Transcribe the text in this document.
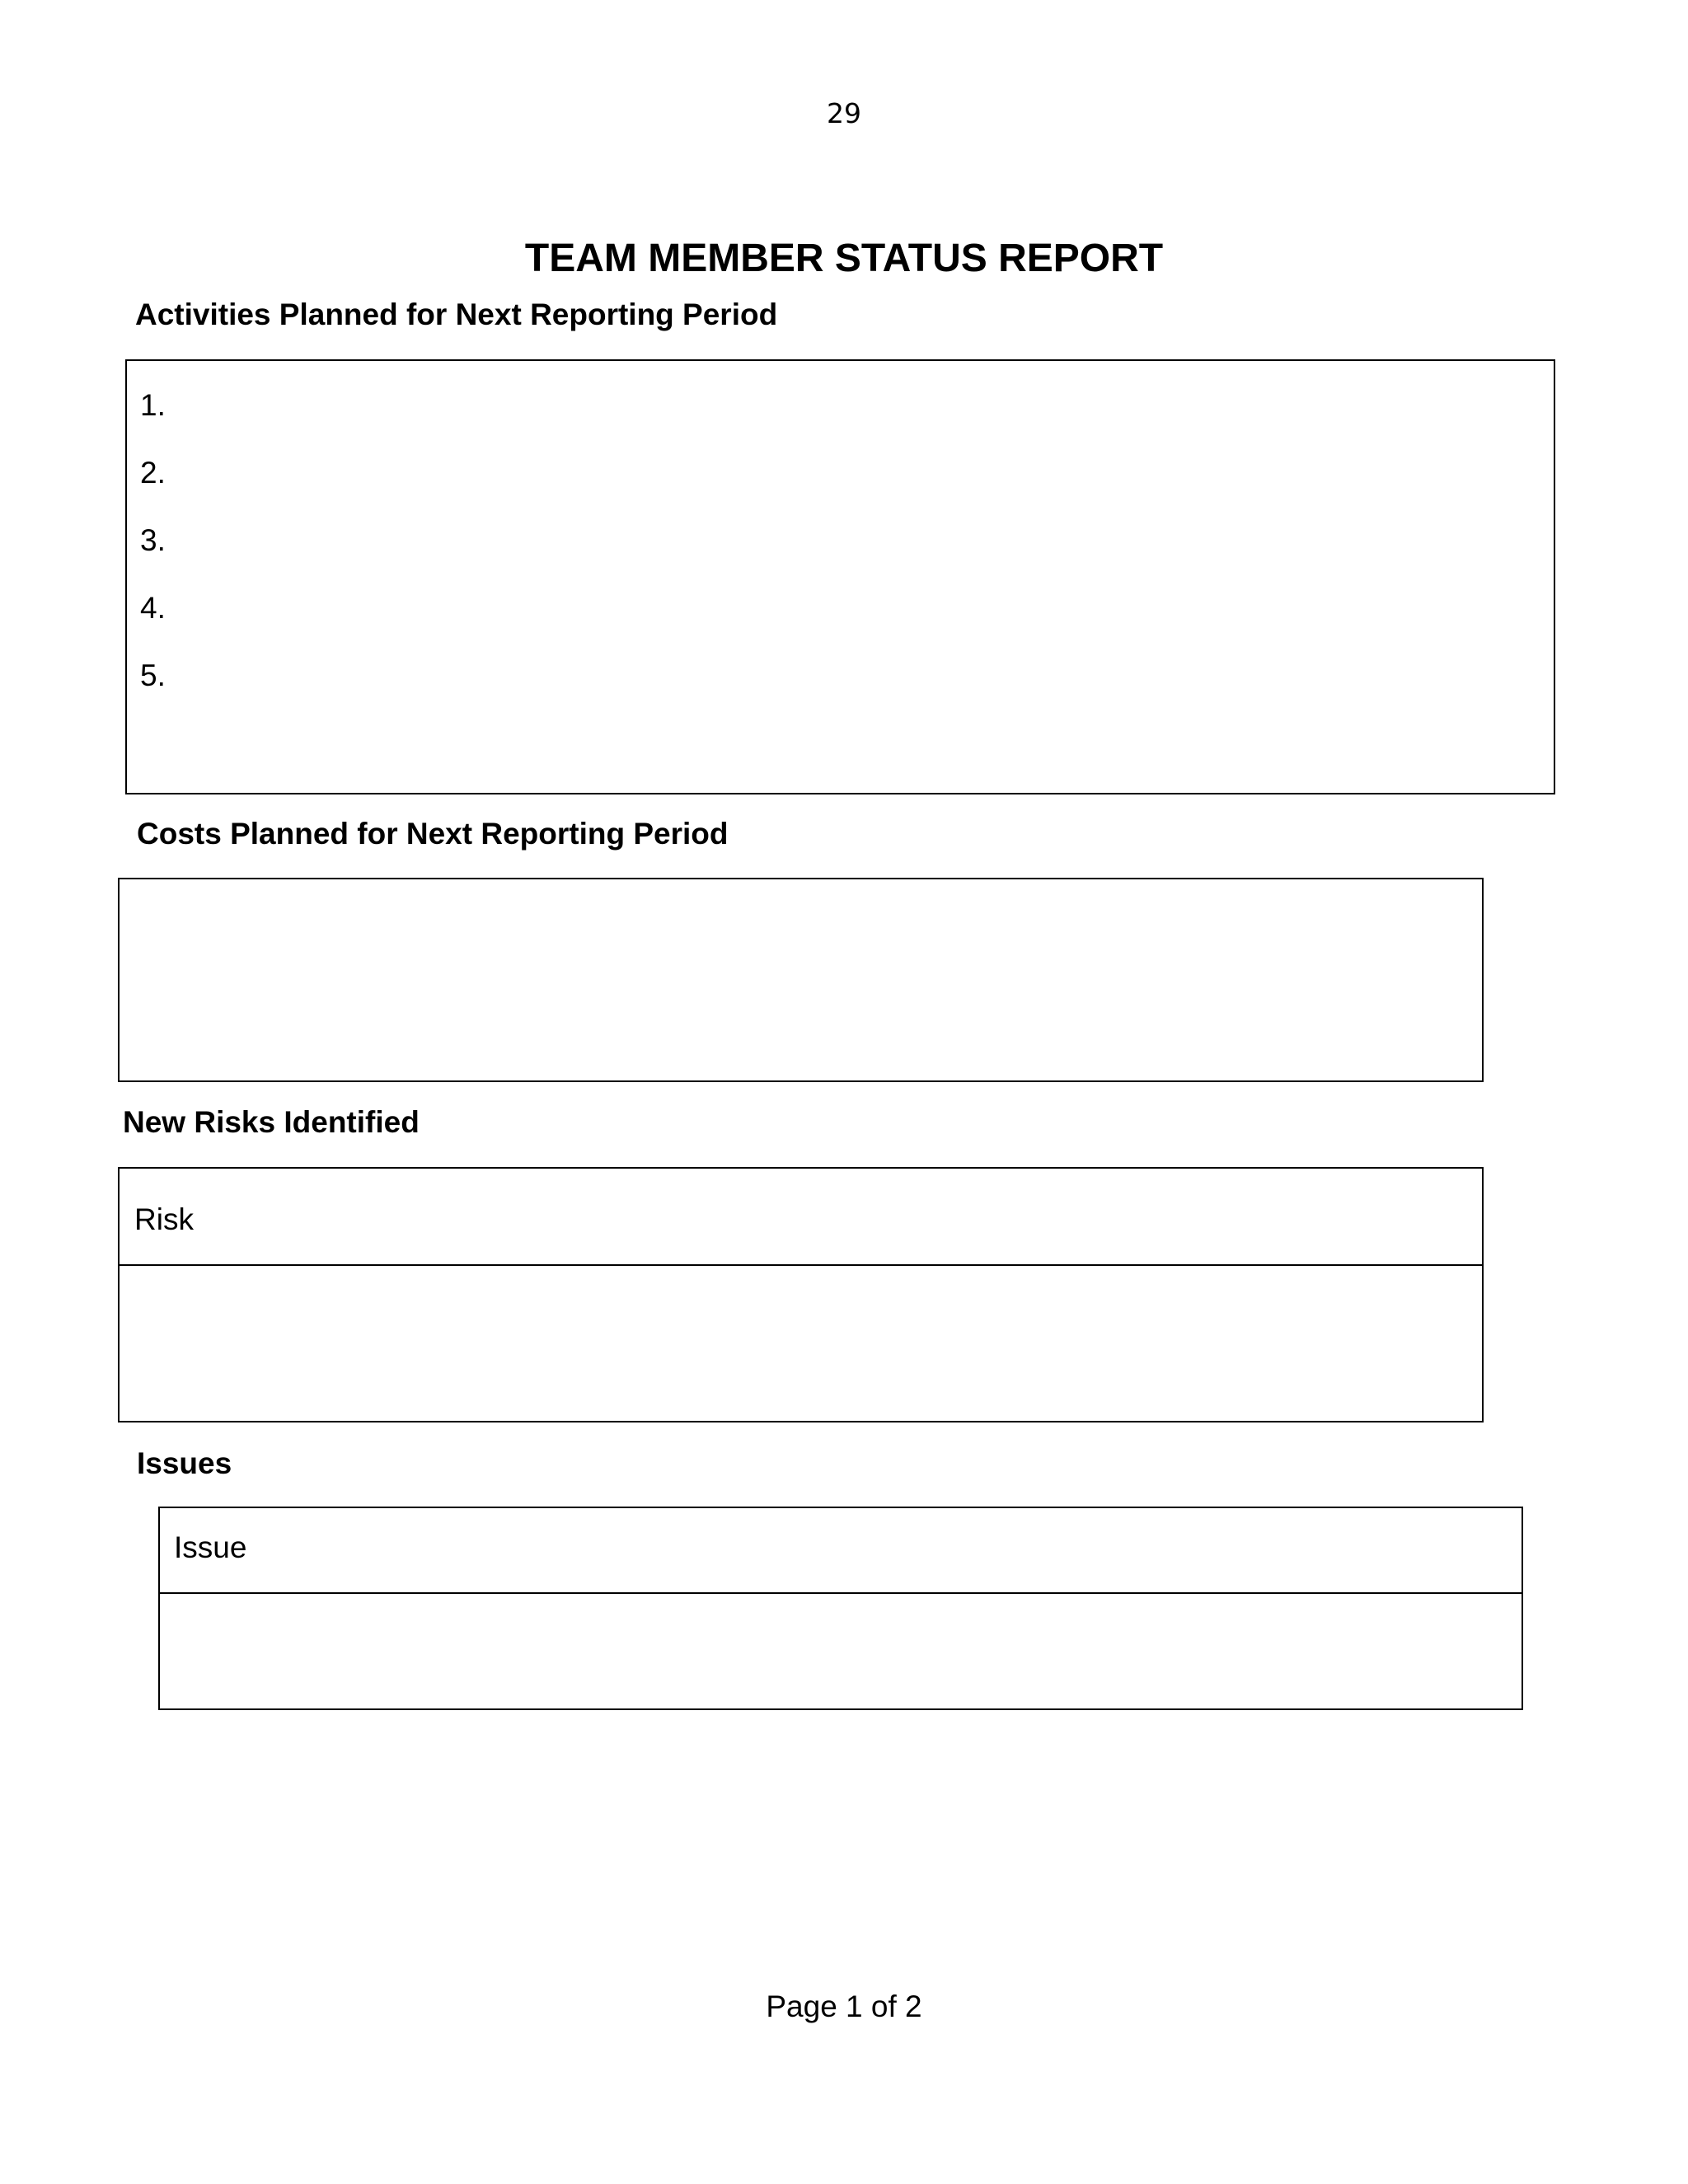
29
TEAM MEMBER STATUS REPORT
Activities Planned for Next Reporting Period
1.
2.
3.
4.
5.
Costs Planned for Next Reporting Period
New Risks Identified
Risk
Issues
Issue
Page 1 of 2
